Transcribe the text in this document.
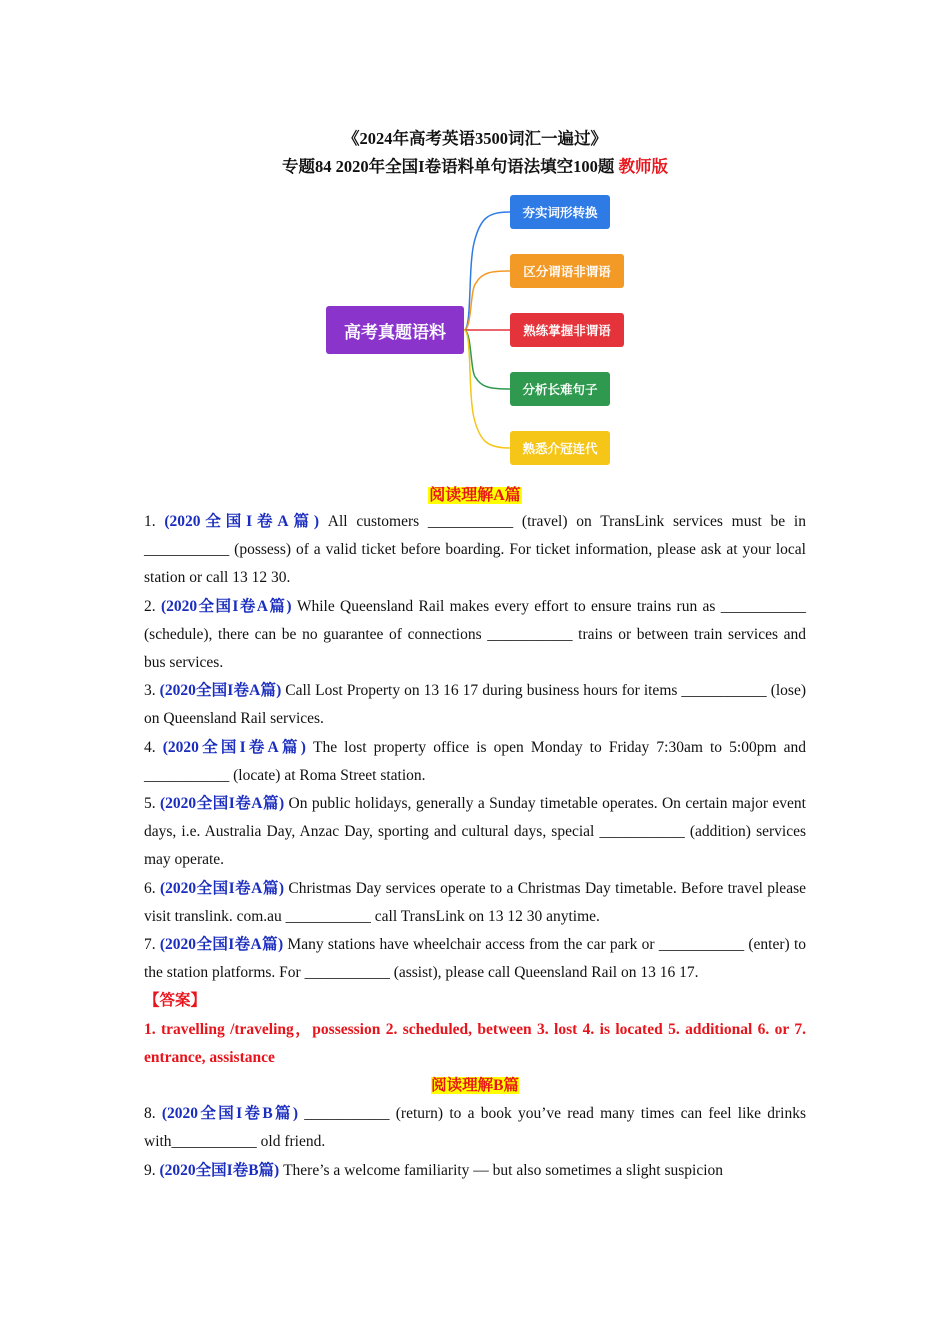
《2024年高考英语3500词汇一遍过》
专题84 2020年全国I卷语料单句语法填空100题 教师版
高考真题语料
夯实词形转换
区分谓语非谓语
熟练掌握非谓语
分析长难句子
熟悉介冠连代
阅读理解A篇

1. (2020全国I卷A篇) All customers ___________ (travel) on TransLink services must be in ___________ (possess) of a valid ticket before boarding. For ticket information, please ask at your local station or call 13 12 30.

2. (2020全国I卷A篇) While Queensland Rail makes every effort to ensure trains run as ___________ (schedule), there can be no guarantee of connections ___________ trains or between train services and bus services.

3. (2020全国I卷A篇) Call Lost Property on 13 16 17 during business hours for items ___________ (lose) on Queensland Rail services.

4. (2020全国I卷A篇) The lost property office is open Monday to Friday 7:30am to 5:00pm and ___________ (locate) at Roma Street station.

5. (2020全国I卷A篇) On public holidays, generally a Sunday timetable operates. On certain major event days, i.e. Australia Day, Anzac Day, sporting and cultural days, special ___________ (addition) services may operate.

6. (2020全国I卷A篇) Christmas Day services operate to a Christmas Day timetable. Before travel please visit translink. com.au ___________ call TransLink on 13 12 30 anytime.

7. (2020全国I卷A篇) Many stations have wheelchair access from the car park or ___________ (enter) to the station platforms. For ___________ (assist), please call Queensland Rail on 13 16 17.

【答案】

1. travelling /traveling，possession 2. scheduled, between 3. lost 4. is located 5. additional 6. or 7. entrance, assistance

阅读理解B篇

8. (2020全国I卷B篇) ___________ (return) to a book you’ve read many times can feel like drinks with___________ old friend.

9. (2020全国I卷B篇) There’s a welcome familiarity — but also sometimes a slight suspicion
